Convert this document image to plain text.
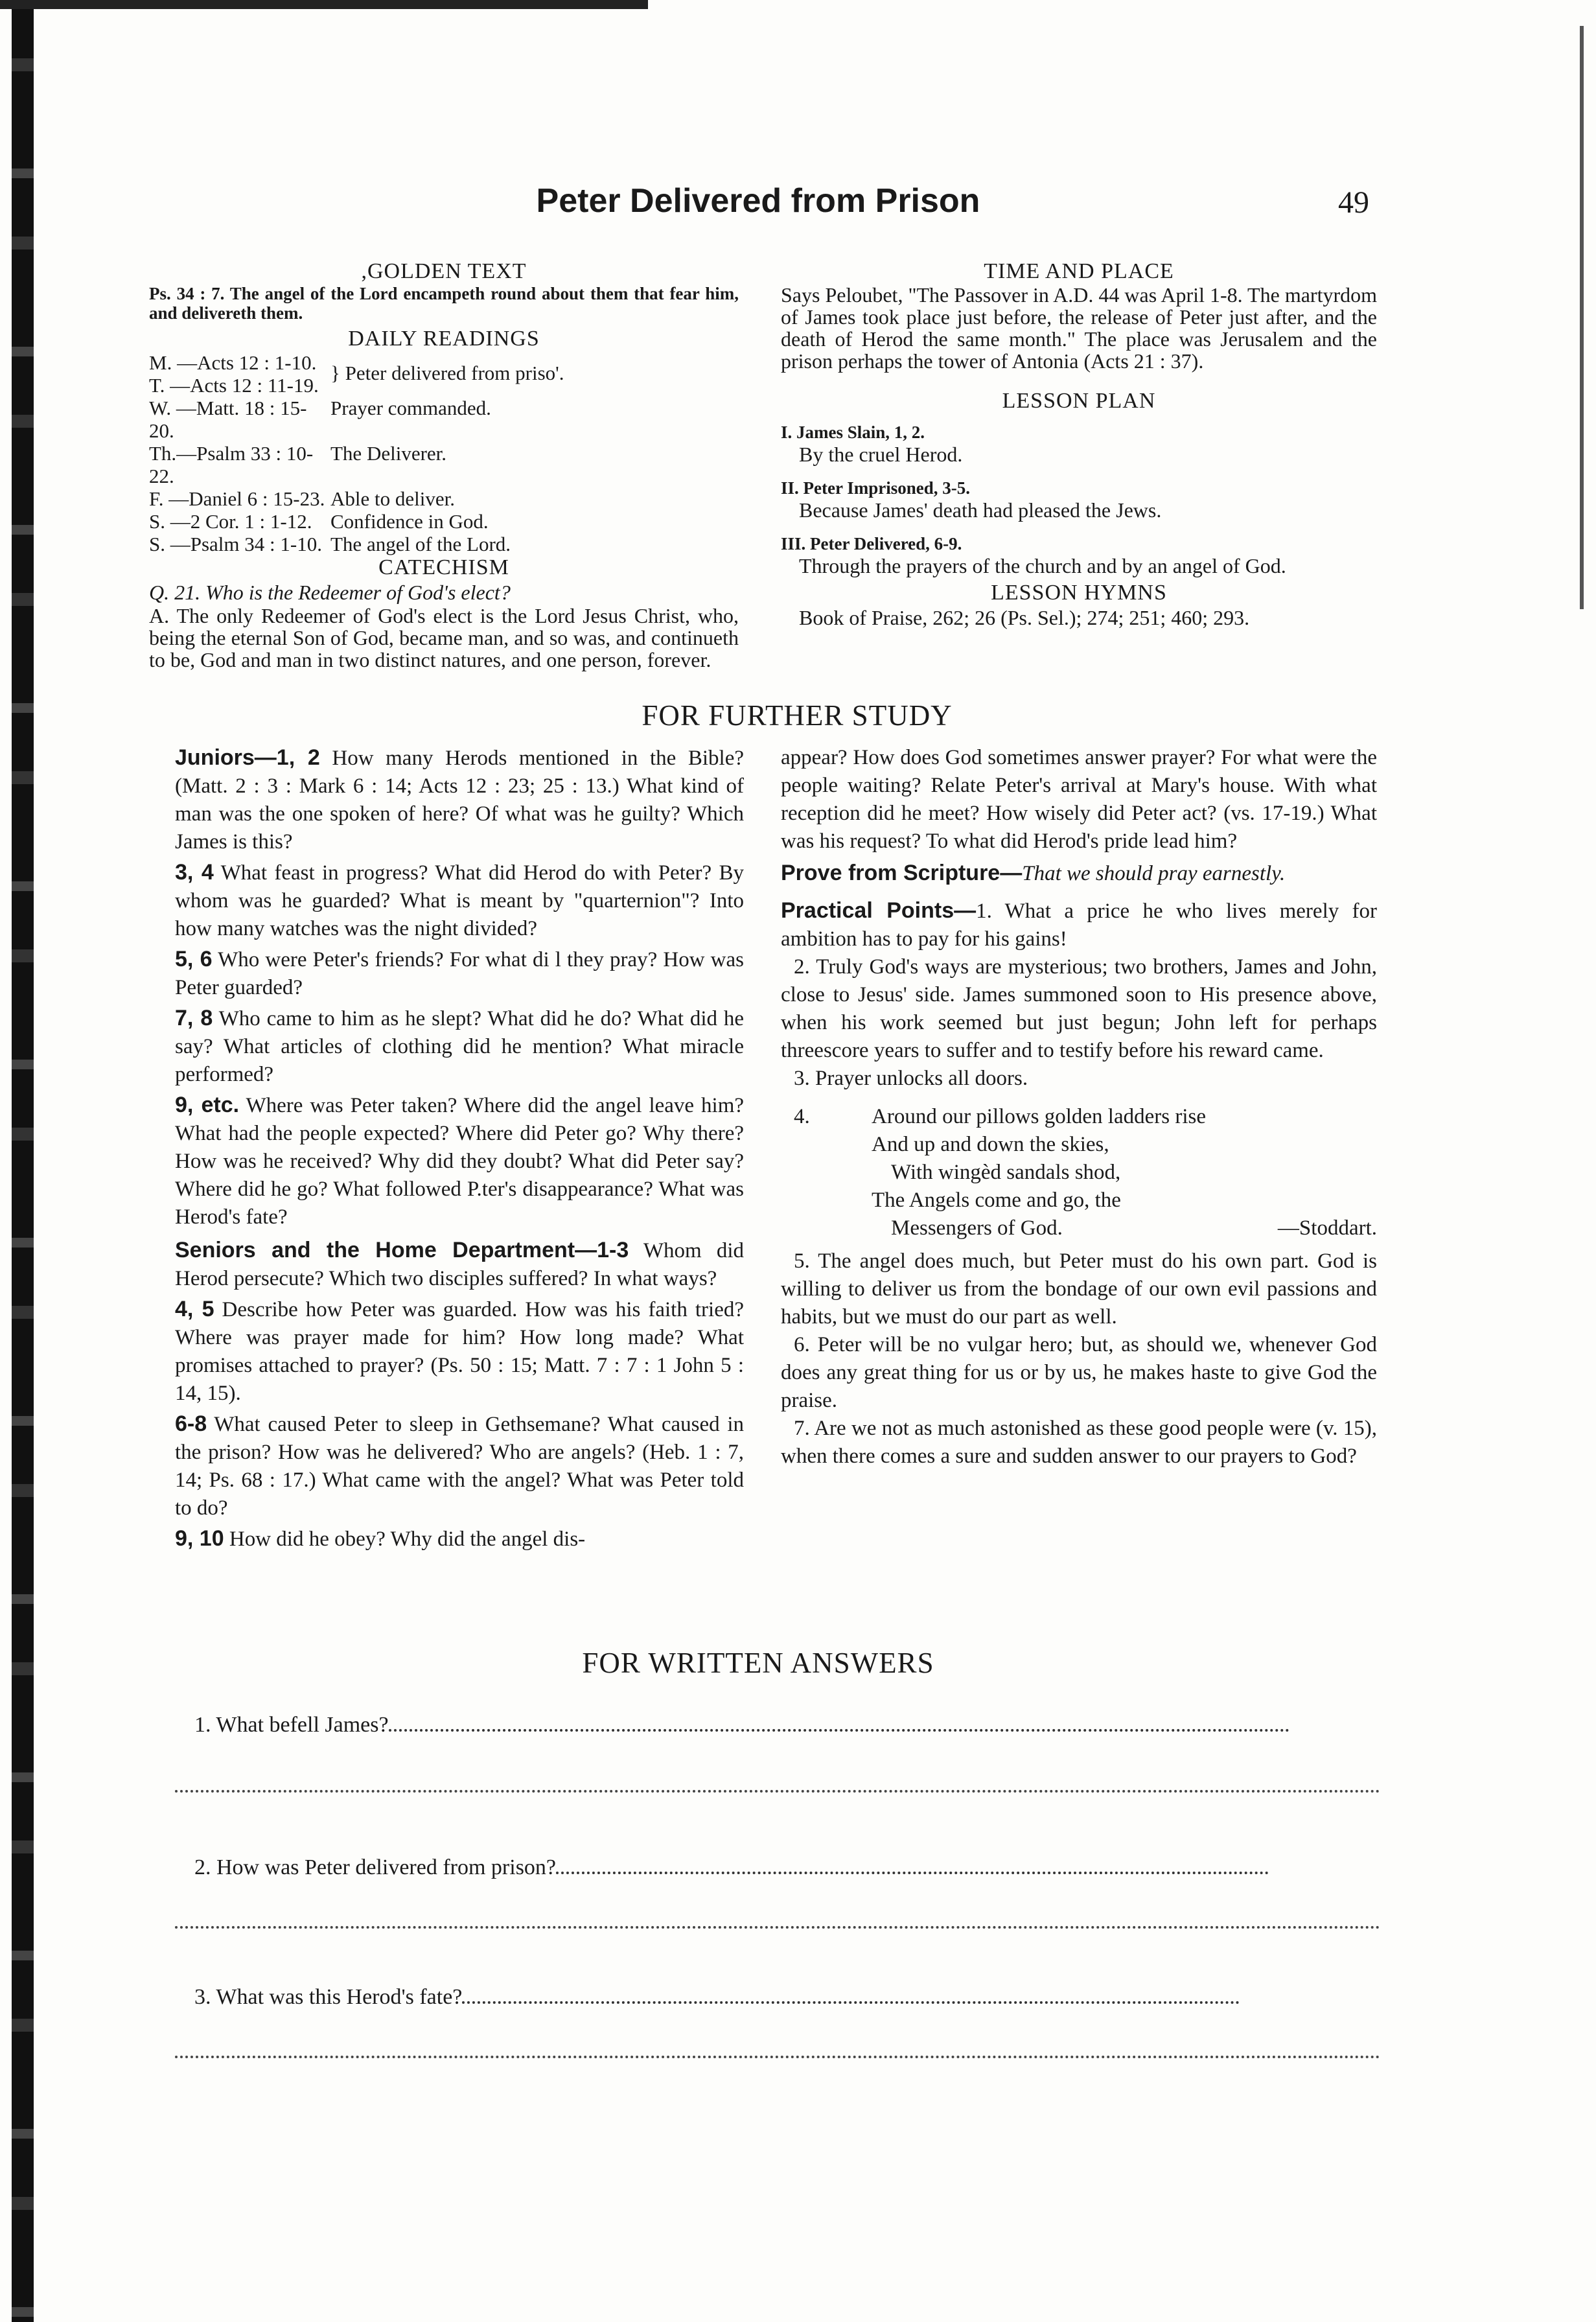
Peter Delivered from Prison	49

,GOLDEN TEXT

Ps. 34 : 7. The angel of the Lord encampeth round about them that fear him, and delivereth them.

DAILY READINGS

M. —Acts 12 : 1-10.	} Peter delivered from priso'.
T. —Acts 12 : 11-19.	
W. —Matt. 18 : 15-20.	Prayer commanded.
Th.—Psalm 33 : 10-22.	The Deliverer.
F. —Daniel 6 : 15-23.	Able to deliver.
S. —2 Cor. 1 : 1-12.	Confidence in God.
S. —Psalm 34 : 1-10.	The angel of the Lord.

CATECHISM

Q. 21. Who is the Redeemer of God's elect?

A. The only Redeemer of God's elect is the Lord Jesus Christ, who, being the eternal Son of God, became man, and so was, and continueth to be, God and man in two distinct natures, and one person, forever.

TIME AND PLACE

Says Peloubet, "The Passover in A.D. 44 was April 1-8. The martyrdom of James took place just before, the release of Peter just after, and the death of Herod the same month." The place was Jerusalem and the prison perhaps the tower of Antonia (Acts 21 : 37).

LESSON PLAN

I. James Slain, 1, 2.

By the cruel Herod.

II. Peter Imprisoned, 3-5.

Because James' death had pleased the Jews.

III. Peter Delivered, 6-9.

Through the prayers of the church and by an angel of God.

LESSON HYMNS

Book of Praise, 262; 26 (Ps. Sel.); 274; 251; 460; 293.

FOR FURTHER STUDY

Juniors—1, 2 How many Herods mentioned in the Bible? (Matt. 2 : 3 : Mark 6 : 14; Acts 12 : 23; 25 : 13.) What kind of man was the one spoken of here? Of what was he guilty? Which James is this?

3, 4 What feast in progress? What did Herod do with Peter? By whom was he guarded? What is meant by "quarternion"? Into how many watches was the night divided?

5, 6 Who were Peter's friends? For what di l they pray? How was Peter guarded?

7, 8 Who came to him as he slept? What did he do? What did he say? What articles of clothing did he mention? What miracle performed?

9, etc. Where was Peter taken? Where did the angel leave him? What had the people expected? Where did Peter go? Why there? How was he received? Why did they doubt? What did Peter say? Where did he go? What followed P.ter's disappearance? What was Herod's fate?

Seniors and the Home Department—1-3 Whom did Herod persecute? Which two disciples suffered? In what ways?

4, 5 Describe how Peter was guarded. How was his faith tried? Where was prayer made for him? How long made? What promises attached to prayer? (Ps. 50 : 15; Matt. 7 : 7 : 1 John 5 : 14, 15).

6-8 What caused Peter to sleep in Gethsemane? What caused in the prison? How was he delivered? Who are angels? (Heb. 1 : 7, 14; Ps. 68 : 17.) What came with the angel? What was Peter told to do?

9, 10 How did he obey? Why did the angel dis-

appear? How does God sometimes answer prayer? For what were the people waiting? Relate Peter's arrival at Mary's house. With what reception did he meet? How wisely did Peter act? (vs. 17-19.) What was his request? To what did Herod's pride lead him?

Prove from Scripture—That we should pray earnestly.

Practical Points—1. What a price he who lives merely for ambition has to pay for his gains!

2. Truly God's ways are mysterious; two brothers, James and John, close to Jesus' side. James summoned soon to His presence above, when his work seemed but just begun; John left for perhaps threescore years to suffer and to testify before his reward came.

3. Prayer unlocks all doors.

4.	Around our pillows golden ladders rise
And up and down the skies,
With wingèd sandals shod,
The Angels come and go, the
Messengers of God.	—Stoddart.

5. The angel does much, but Peter must do his own part. God is willing to deliver us from the bondage of our own evil passions and habits, but we must do our part as well.

6. Peter will be no vulgar hero; but, as should we, whenever God does any great thing for us or by us, he makes haste to give God the praise.

7. Are we not as much astonished as these good people were (v. 15), when there comes a sure and sudden answer to our prayers to God?

FOR WRITTEN ANSWERS
1. What befell James?
2. How was Peter delivered from prison?
3. What was this Herod's fate?
